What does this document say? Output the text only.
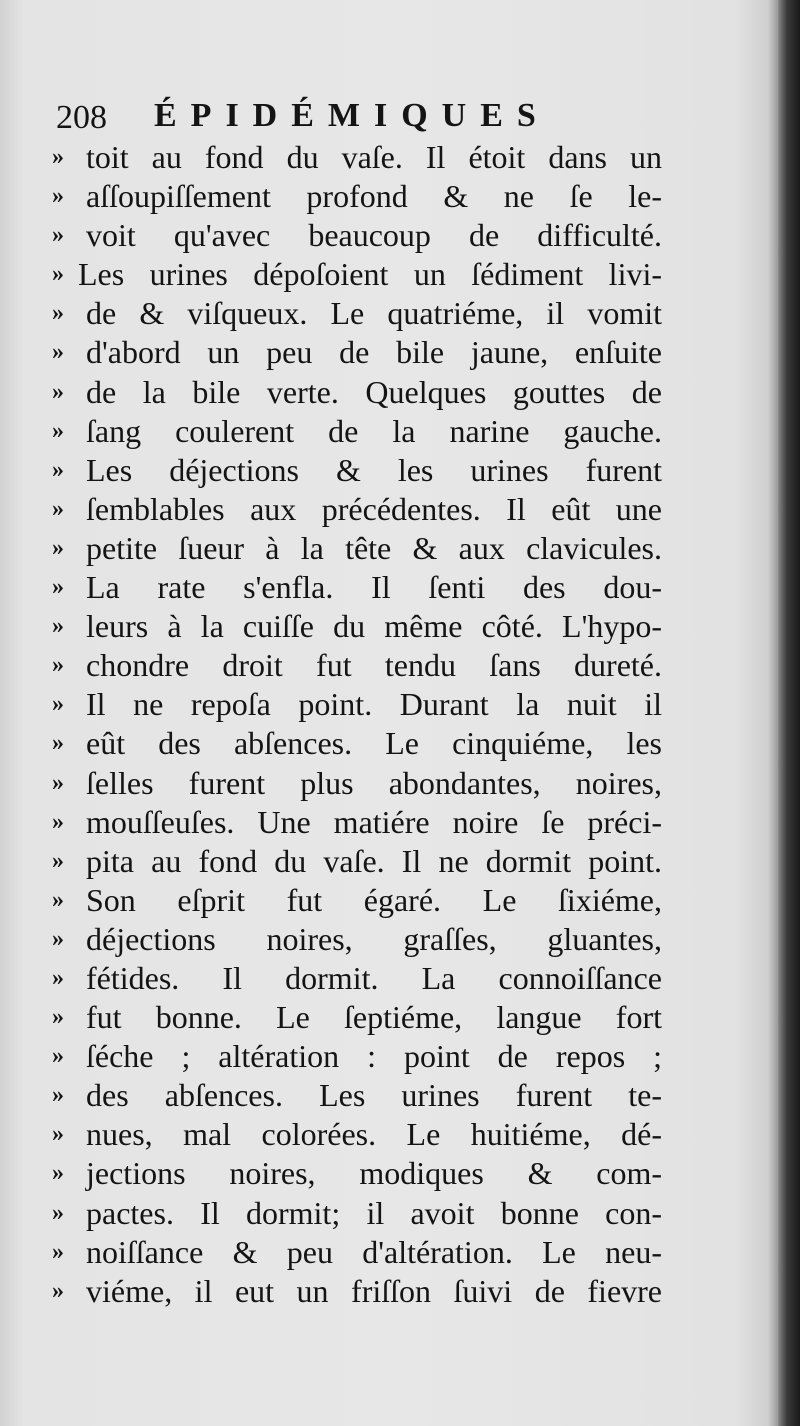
208 ÉPIDÉMIQUES
» toit au fond du vaſe. Il étoit dans un
» aſſoupiſſement profond & ne ſe le-
» voit qu'avec beaucoup de difficulté.
» Les urines dépoſoient un ſédiment livi-
» de & viſqueux. Le quatriéme, il vomit
» d'abord un peu de bile jaune, enſuite
» de la bile verte. Quelques gouttes de
» ſang coulerent de la narine gauche.
» Les déjections & les urines furent
» ſemblables aux précédentes. Il eût une
» petite ſueur à la tête & aux clavicules.
» La rate s'enfla. Il ſenti des dou-
» leurs à la cuiſſe du même côté. L'hypo-
» chondre droit fut tendu ſans dureté.
» Il ne repoſa point. Durant la nuit il
» eût des abſences. Le cinquiéme, les
» ſelles furent plus abondantes, noires,
» mouſſeuſes. Une matiére noire ſe préci-
» pita au fond du vaſe. Il ne dormit point.
» Son eſprit fut égaré. Le ſixiéme,
» déjections noires, graſſes, gluantes,
» fétides. Il dormit. La connoiſſance
» fut bonne. Le ſeptiéme, langue fort
» ſéche ; altération : point de repos ;
» des abſences. Les urines furent te-
» nues, mal colorées. Le huitiéme, dé-
» jections noires, modiques & com-
» pactes. Il dormit; il avoit bonne con-
» noiſſance & peu d'altération. Le neu-
» viéme, il eut un friſſon ſuivi de fievre
